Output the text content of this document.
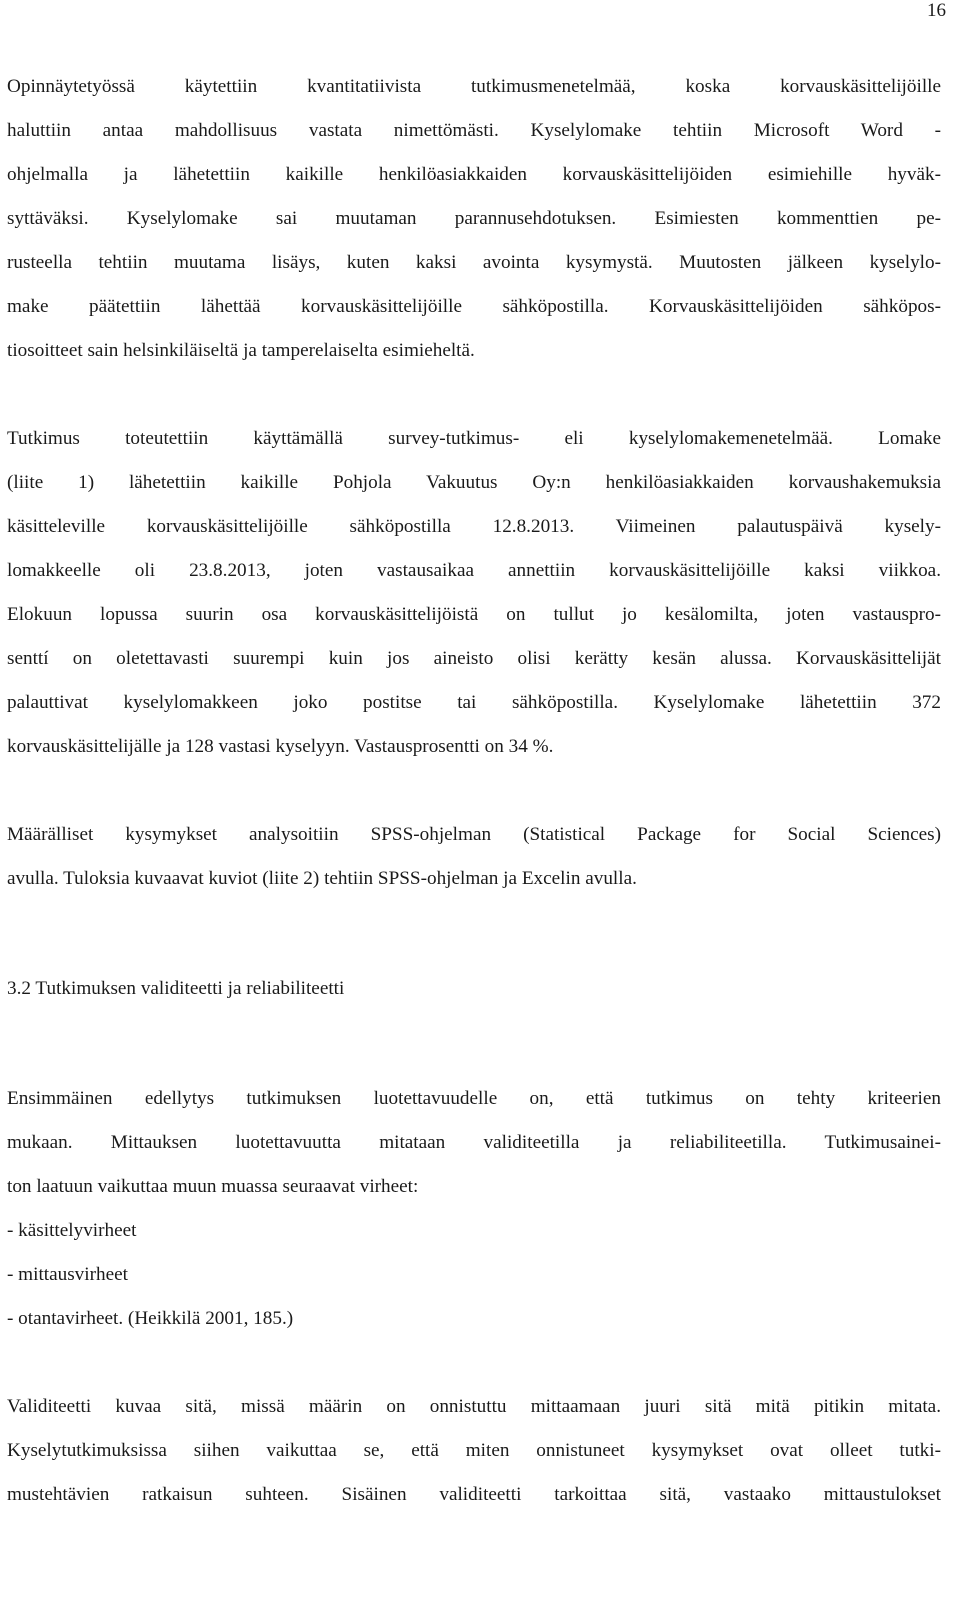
16
Opinnäytetyössä käytettiin kvantitatiivista tutkimusmenetelmää, koska korvauskäsittelijöille
haluttiin antaa mahdollisuus vastata nimettömästi. Kyselylomake tehtiin Microsoft Word -
ohjelmalla ja lähetettiin kaikille henkilöasiakkaiden korvauskäsittelijöiden esimiehille hyväk-
syttäväksi. Kyselylomake sai muutaman parannusehdotuksen. Esimiesten kommenttien pe-
rusteella tehtiin muutama lisäys, kuten kaksi avointa kysymystä. Muutosten jälkeen kyselylo-
make päätettiin lähettää korvauskäsittelijöille sähköpostilla. Korvauskäsittelijöiden sähköpos-
tiosoitteet sain helsinkiläiseltä ja tamperelaiselta esimieheltä.
Tutkimus toteutettiin käyttämällä survey-tutkimus- eli kyselylomakemenetelmää. Lomake
(liite 1) lähetettiin kaikille Pohjola Vakuutus Oy:n henkilöasiakkaiden korvaushakemuksia
käsitteleville korvauskäsittelijöille sähköpostilla 12.8.2013. Viimeinen palautuspäivä kysely-
lomakkeelle oli 23.8.2013, joten vastausaikaa annettiin korvauskäsittelijöille kaksi viikkoa.
Elokuun lopussa suurin osa korvauskäsittelijöistä on tullut jo kesälomilta, joten vastauspro-
senttí on oletettavasti suurempi kuin jos aineisto olisi kerätty kesän alussa. Korvauskäsittelijät
palauttivat kyselylomakkeen joko postitse tai sähköpostilla. Kyselylomake lähetettiin 372
korvauskäsittelijälle ja 128 vastasi kyselyyn. Vastausprosentti on 34 %.
Määrälliset kysymykset analysoitiin SPSS-ohjelman (Statistical Package for Social Sciences)
avulla. Tuloksia kuvaavat kuviot (liite 2) tehtiin SPSS-ohjelman ja Excelin avulla.
3.2 Tutkimuksen validiteetti ja reliabiliteetti
Ensimmäinen edellytys tutkimuksen luotettavuudelle on, että tutkimus on tehty kriteerien
mukaan. Mittauksen luotettavuutta mitataan validiteetilla ja reliabiliteetilla. Tutkimusainei-
ton laatuun vaikuttaa muun muassa seuraavat virheet:
- käsittelyvirheet
- mittausvirheet
- otantavirheet. (Heikkilä 2001, 185.)
Validiteetti kuvaa sitä, missä määrin on onnistuttu mittaamaan juuri sitä mitä pitikin mitata.
Kyselytutkimuksissa siihen vaikuttaa se, että miten onnistuneet kysymykset ovat olleet tutki-
mustehtävien ratkaisun suhteen. Sisäinen validiteetti tarkoittaa sitä, vastaako mittaustulokset
